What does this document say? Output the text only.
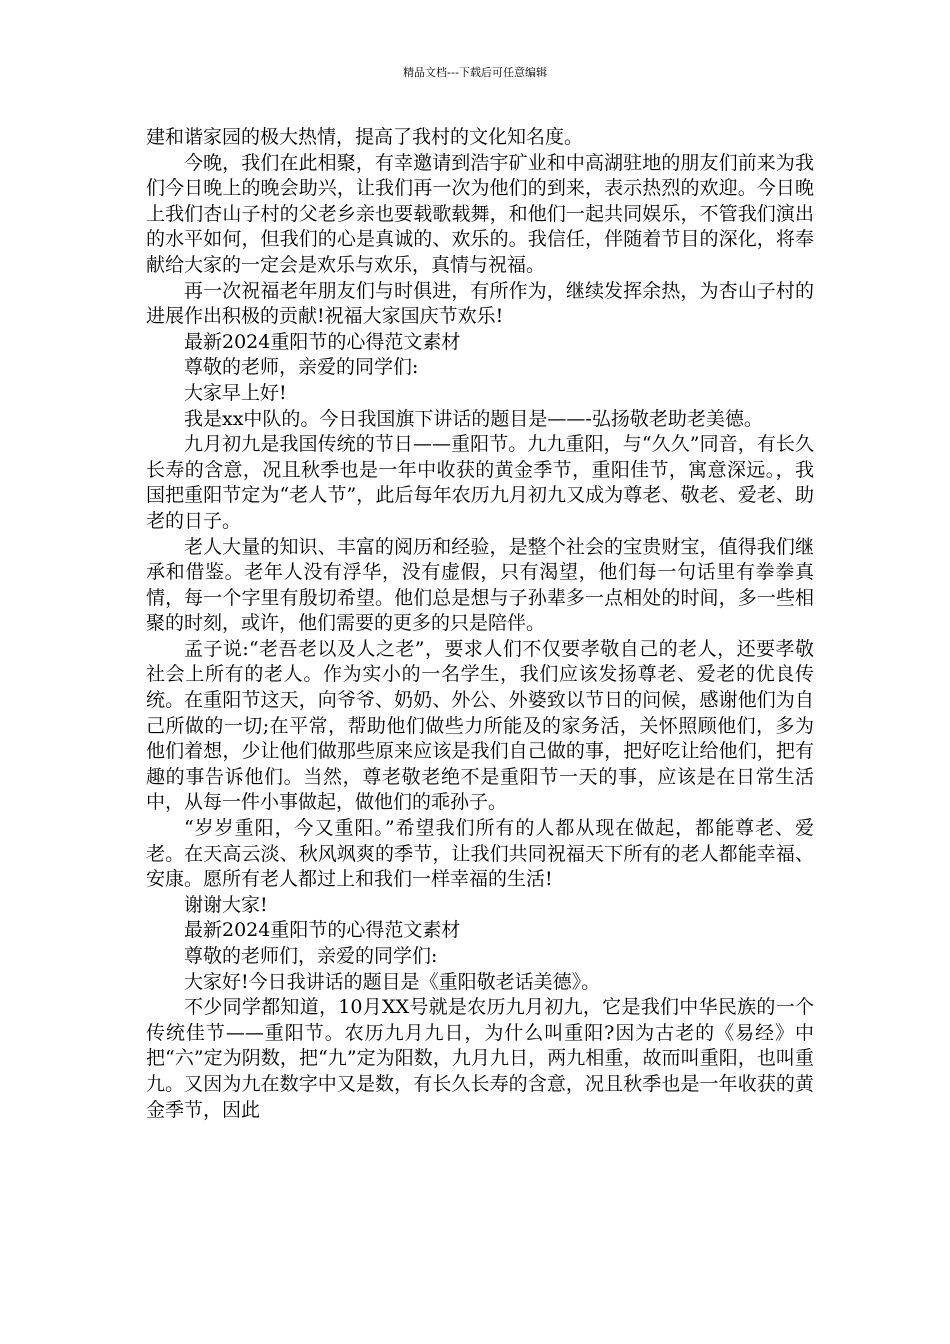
精品文档---下载后可任意编辑

建和谐家园的极大热情，提高了我村的文化知名度。

今晚，我们在此相聚，有幸邀请到浩宇矿业和中高湖驻地的朋友们前来为我们今日晚上的晚会助兴，让我们再一次为他们的到来，表示热烈的欢迎。今日晚上我们杏山子村的父老乡亲也要载歌载舞，和他们一起共同娱乐，不管我们演出的水平如何，但我们的心是真诚的、欢乐的。我信任，伴随着节目的深化，将奉献给大家的一定会是欢乐与欢乐，真情与祝福。

再一次祝福老年朋友们与时俱进，有所作为，继续发挥余热，为杏山子村的进展作出积极的贡献!祝福大家国庆节欢乐!

最新2024重阳节的心得范文素材

尊敬的老师，亲爱的同学们:

大家早上好!

我是xx中队的。今日我国旗下讲话的题目是——-弘扬敬老助老美德。

九月初九是我国传统的节日——重阳节。九九重阳，与“久久”同音，有长久长寿的含意，况且秋季也是一年中收获的黄金季节，重阳佳节，寓意深远。，我国把重阳节定为“老人节”，此后每年农历九月初九又成为尊老、敬老、爱老、助老的日子。

老人大量的知识、丰富的阅历和经验，是整个社会的宝贵财宝，值得我们继承和借鉴。老年人没有浮华，没有虚假，只有渴望，他们每一句话里有拳拳真情，每一个字里有殷切希望。他们总是想与子孙辈多一点相处的时间，多一些相聚的时刻，或许，他们需要的更多的只是陪伴。

孟子说:“老吾老以及人之老”，要求人们不仅要孝敬自己的老人，还要孝敬社会上所有的老人。作为实小的一名学生，我们应该发扬尊老、爱老的优良传统。在重阳节这天，向爷爷、奶奶、外公、外婆致以节日的问候，感谢他们为自己所做的一切;在平常，帮助他们做些力所能及的家务活，关怀照顾他们，多为他们着想，少让他们做那些原来应该是我们自己做的事，把好吃让给他们，把有趣的事告诉他们。当然，尊老敬老绝不是重阳节一天的事，应该是在日常生活中，从每一件小事做起，做他们的乖孙子。

“岁岁重阳，今又重阳。”希望我们所有的人都从现在做起，都能尊老、爱老。在天高云淡、秋风飒爽的季节，让我们共同祝福天下所有的老人都能幸福、安康。愿所有老人都过上和我们一样幸福的生活!

谢谢大家!

最新2024重阳节的心得范文素材

尊敬的老师们，亲爱的同学们:

大家好!今日我讲话的题目是《重阳敬老话美德》。

不少同学都知道，10月XX号就是农历九月初九，它是我们中华民族的一个传统佳节——重阳节。农历九月九日，为什么叫重阳?因为古老的《易经》中把“六”定为阴数，把“九”定为阳数，九月九日，两九相重，故而叫重阳，也叫重九。又因为九在数字中又是数，有长久长寿的含意，况且秋季也是一年收获的黄金季节，因此
